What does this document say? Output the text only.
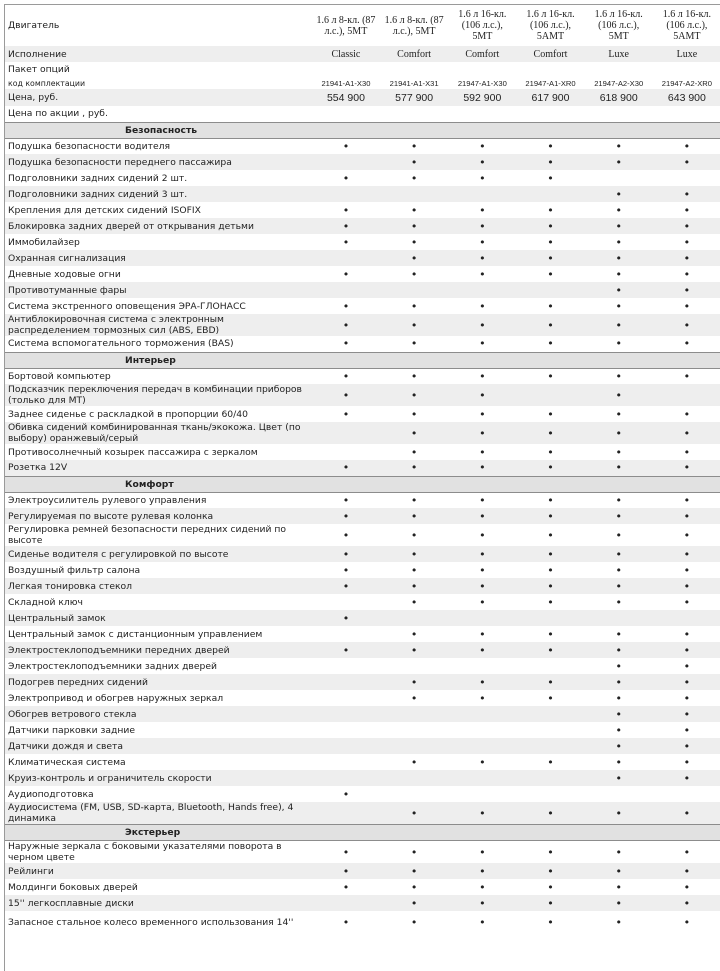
Двигатель	1.6 л 8-кл. (87 л.с.), 5MT	1.6 л 8-кл. (87 л.с.), 5MT	1.6 л 16-кл. (106 л.с.), 5MT	1.6 л 16-кл. (106 л.с.), 5AMT	1.6 л 16-кл. (106 л.с.), 5MT	1.6 л 16-кл. (106 л.с.), 5AMT
Исполнение	Classic	Comfort	Comfort	Comfort	Luxe	Luxe
Пакет опций						
код комплектации	21941-A1-X30	21941-A1-X31	21947-A1-X30	21947-A1-XR0	21947-A2-X30	21947-A2-XR0
Цена, руб.	554 900	577 900	592 900	617 900	618 900	643 900
Цена по акции , руб.						
Безопасность						
Подушка безопасности водителя	•	•	•	•	•	•
Подушка безопасности переднего пассажира		•	•	•	•	•
Подголовники задних сидений 2 шт.	•	•	•	•		
Подголовники задних сидений 3 шт.					•	•
Крепления для детских сидений ISOFIX	•	•	•	•	•	•
Блокировка задних дверей от открывания детьми	•	•	•	•	•	•
Иммобилайзер	•	•	•	•	•	•
Охранная сигнализация		•	•	•	•	•
Дневные ходовые огни	•	•	•	•	•	•
Противотуманные фары					•	•
Система экстренного оповещения ЭРА-ГЛОНАСС	•	•	•	•	•	•
Антиблокировочная система с электронным распределением тормозных сил (ABS, EBD)	•	•	•	•	•	•
Система вспомогательного торможения (BAS)	•	•	•	•	•	•
Интерьер						
Бортовой компьютер	•	•	•	•	•	•
Подсказчик переключения передач в комбинации приборов (только для МТ)	•	•	•		•	
Заднее сиденье с раскладкой в пропорции 60/40	•	•	•	•	•	•
Обивка сидений комбинированная ткань/экокожа. Цвет (по выбору) оранжевый/серый		•	•	•	•	•
Противосолнечный козырек пассажира с зеркалом		•	•	•	•	•
Розетка 12V	•	•	•	•	•	•
Комфорт						
Электроусилитель рулевого управления	•	•	•	•	•	•
Регулируемая по высоте рулевая колонка	•	•	•	•	•	•
Регулировка ремней безопасности передних сидений по высоте	•	•	•	•	•	•
Сиденье водителя с регулировкой по высоте	•	•	•	•	•	•
Воздушный фильтр салона	•	•	•	•	•	•
Легкая тонировка стекол	•	•	•	•	•	•
Складной ключ		•	•	•	•	•
Центральный замок	•					
Центральный замок с дистанционным управлением		•	•	•	•	•
Электростеклоподъемники передних дверей	•	•	•	•	•	•
Электростеклоподъемники задних дверей					•	•
Подогрев передних сидений		•	•	•	•	•
Электропривод и обогрев наружных зеркал		•	•	•	•	•
Обогрев ветрового стекла					•	•
Датчики парковки задние					•	•
Датчики дождя и света					•	•
Климатическая система		•	•	•	•	•
Круиз-контроль и ограничитель скорости					•	•
Аудиоподготовка	•					
Аудиосистема (FM, USB, SD-карта, Bluetooth, Hands free), 4 динамика		•	•	•	•	•
Экстерьер						
Наружные зеркала с боковыми указателями поворота в черном цвете	•	•	•	•	•	•
Рейлинги	•	•	•	•	•	•
Молдинги боковых дверей	•	•	•	•	•	•
15'' легкосплавные диски		•	•	•	•	•
Запасное стальное колесо временного использования 14''	•	•	•	•	•	•
